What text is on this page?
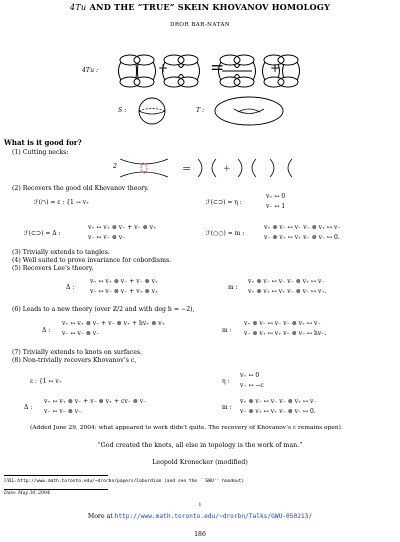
4Tu AND THE “TRUE” SKEIN KHOVANOV HOMOLOGY
DROR BAR-NATAN
4Tu :	+ =	+
S :	T :
What is it good for?
(1) Cutting necks:
2	=	+
(2) Recovers the good old Khovanov theory.
ℱ(∩) = ε : {1 → v₊	ℱ(⊂⊃) = η :
v₊ ↦ 0
v₋ ↦ 1
ℱ(⊂⊃) = Δ :
v₊ ↦ v₊ ⊗ v₋ + v₋ ⊗ v₊
v₋ ↦ v₋ ⊗ v₋
ℱ(○○) = m :
v₊ ⊗ v₋ ↦ v₋ v₋ ⊗ v₊ ↦ v₋
v₋ ⊗ v₊ ↦ v₊ v₋ ⊗ v₋ ↦ 0.
(3) Trivially extends to tangles.
(4) Well suited to prove invariance for cobordisms.
(5) Recovers Lee’s theory.
Δ :
v₊ ↦ v₊ ⊗ v₋ + v₋ ⊗ v₊
v₋ ↦ v₋ ⊗ v₋ + v₊ ⊗ v₊
m :
v₊ ⊗ v₋ ↦ v₋ v₋ ⊗ v₊ ↦ v₋
v₊ ⊗ v₊ ↦ v₊ v₋ ⊗ v₋ ↦ v₊.
(6) Leads to a new theory (over ℤ/2 and with deg h = −2),
Δ :
v₊ ↦ v₊ ⊗ v₋ + v₋ ⊗ v₊ + hv₊ ⊗ v₊
v₋ ↦ v₋ ⊗ v₋	m :
v₊ ⊗ v₋ ↦ v₋ v₋ ⊗ v₊ ↦ v₋
v₋ ⊗ v₊ ↦ v₊ v₋ ⊗ v₋ ↦ hv₋.
(7) Trivially extends to knots on surfaces.
(8) Non-trivially recovers Khovanov’s c,
ε : {1 ↦ v₊	η :
v₊ ↦ 0
v₋ ↦ −c
Δ :
v₊ ↦ v₊ ⊗ v₋ + v₋ ⊗ v₊ + cv₋ ⊗ v₋
v₋ ↦ v₋ ⊗ v₋
m :
v₊ ⊗ v₋ ↦ v₋ v₋ ⊗ v₊ ↦ v₋
v₋ ⊗ v₊ ↦ v₊ v₋ ⊗ v₋ ↦ 0.
(Added June 29, 2004: what appeared to work didn’t quite. The recovery of Khovanov’s c remains open).
“God created the knots, all else in topology is the work of man.”
Leopold Kronecker (modified)
URL: http://www.math.toronto.edu/~drorbn/papers/Cobordism (and see the ``GWU'' handout)
Date: May 30, 2004.
1
More at http://www.math.toronto.edu/~drorbn/Talks/GWU-050213/
186
